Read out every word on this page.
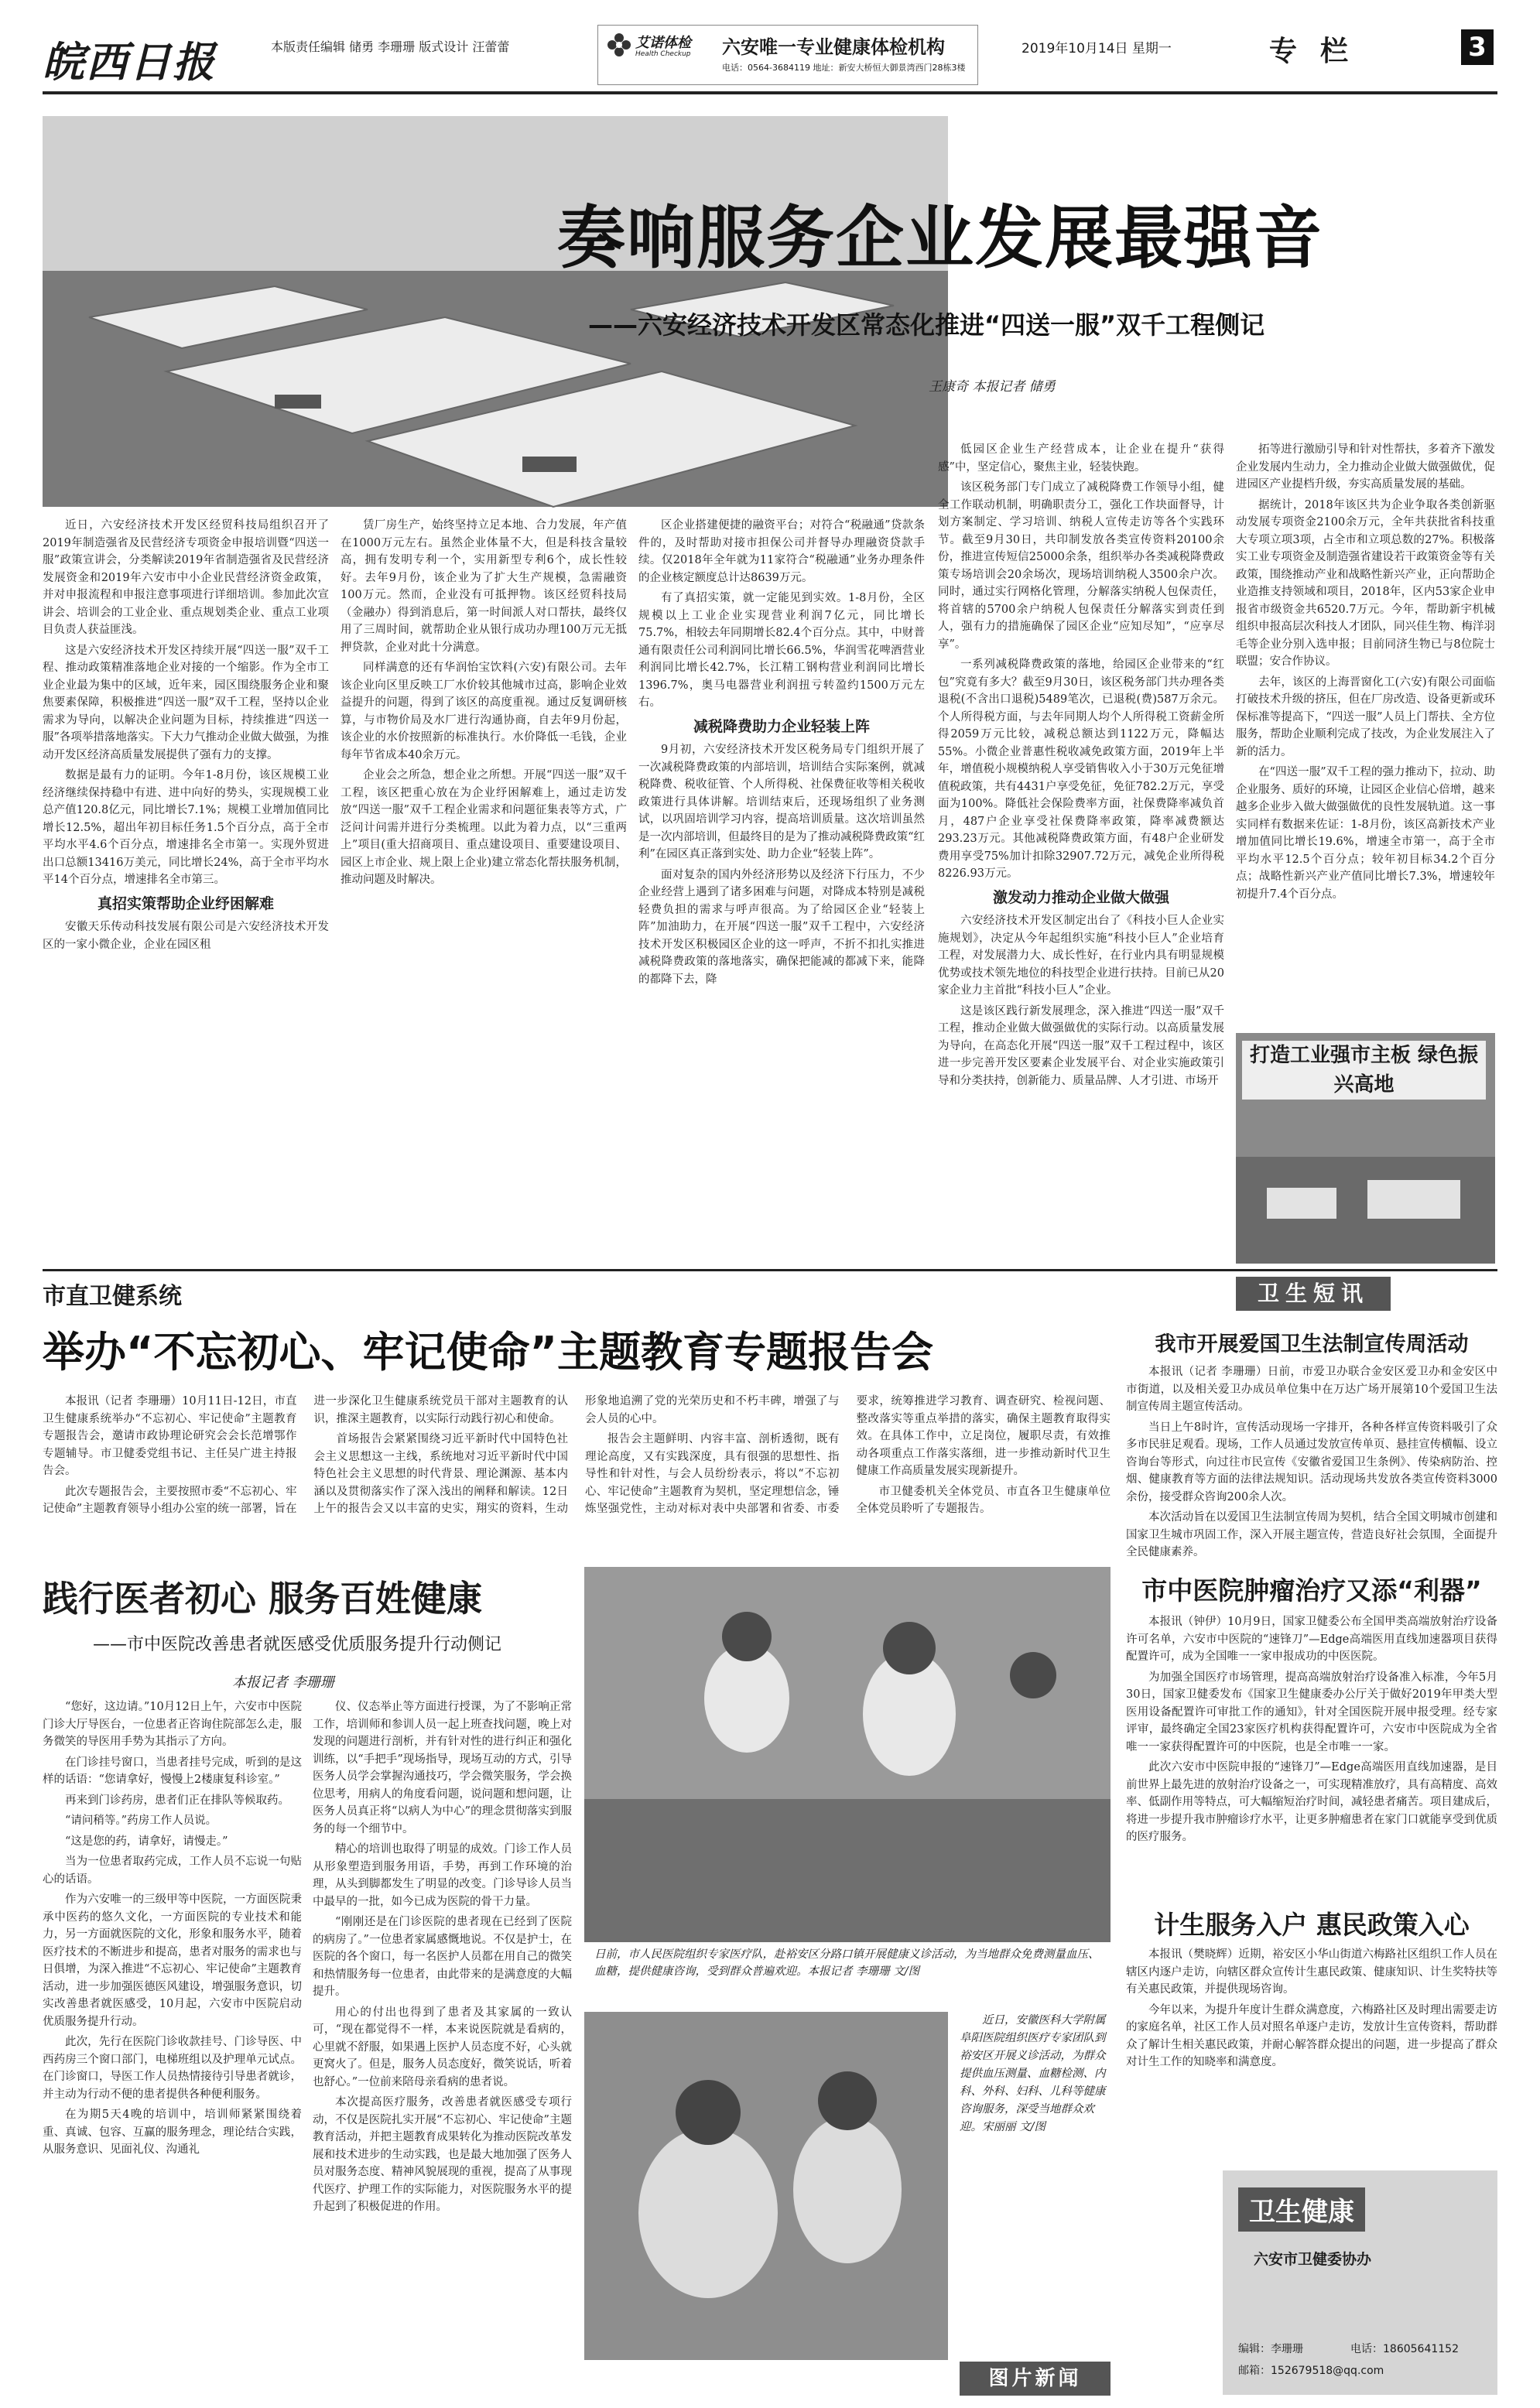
皖西日报	本版责任编辑 储勇 李珊珊 版式设计 汪蕾蕾	艾诺体检
Health Checkup 六安唯一专业健康体检机构
电话：0564-3684119 地址：新安大桥恒大御景湾西门28栋3楼
2019年10月14日 星期一	专栏	3
奏响服务企业发展最强音
——六安经济技术开发区常态化推进“四送一服”双千工程侧记
王康奇 本报记者 储勇

近日，六安经济技术开发区经贸科技局组织召开了2019年制造强省及民营经济专项资金申报培训暨“四送一服”政策宣讲会，分类解读2019年省制造强省及民营经济发展资金和2019年六安市中小企业民营经济资金政策，并对申报流程和申报注意事项进行详细培训。参加此次宣讲会、培训会的工业企业、重点规划类企业、重点工业项目负责人获益匪浅。

这是六安经济技术开发区持续开展“四送一服”双千工程、推动政策精准落地企业对接的一个缩影。作为全市工业企业最为集中的区域，近年来，园区围绕服务企业和聚焦要素保障，积极推进“四送一服”双千工程，坚持以企业需求为导向，以解决企业问题为目标，持续推进“四送一服”各项举措落地落实。下大力气推动企业做大做强，为推动开发区经济高质量发展提供了强有力的支撑。

数据是最有力的证明。今年1-8月份，该区规模工业经济继续保持稳中有进、进中向好的势头，实现规模工业总产值120.8亿元，同比增长7.1%；规模工业增加值同比增长12.5%，超出年初目标任务1.5个百分点，高于全市平均水平4.6个百分点，增速排名全市第一。实现外贸进出口总额13416万美元，同比增长24%，高于全市平均水平14个百分点，增速排名全市第三。

真招实策帮助企业纾困解难

安徽天乐传动科技发展有限公司是六安经济技术开发区的一家小微企业，企业在园区租

赁厂房生产，始终坚持立足本地、合力发展，年产值在1000万元左右。虽然企业体量不大，但是科技含量较高，拥有发明专利一个，实用新型专利6个，成长性较好。去年9月份，该企业为了扩大生产规模，急需融资100万元。然而，企业没有可抵押物。该区经贸科技局（金融办）得到消息后，第一时间派人对口帮扶，最终仅用了三周时间，就帮助企业从银行成功办理100万元无抵押贷款，企业对此十分满意。

同样满意的还有华润怡宝饮料(六安)有限公司。去年该企业向区里反映工厂水价较其他城市过高，影响企业效益提升的问题，得到了该区的高度重视。通过反复调研核算，与市物价局及水厂进行沟通协商，自去年9月份起，该企业的水价按照新的标准执行。水价降低一毛钱，企业每年节省成本40余万元。

企业会之所急，想企业之所想。开展“四送一服”双千工程，该区把重心放在为企业纾困解难上，通过走访发放“四送一服”双千工程企业需求和问题征集表等方式，广泛问计问需并进行分类梳理。以此为着力点，以“三重两上”项目(重大招商项目、重点建设项目、重要建设项目、园区上市企业、规上限上企业)建立常态化帮扶服务机制，推动问题及时解决。

区企业搭建便捷的融资平台；对符合“税融通”贷款条件的，及时帮助对接市担保公司并督导办理融资贷款手续。仅2018年全年就为11家符合“税融通”业务办理条件的企业核定额度总计达8639万元。

有了真招实策，就一定能见到实效。1-8月份，全区规模以上工业企业实现营业利润7亿元，同比增长75.7%，相较去年同期增长82.4个百分点。其中，中财普通有限责任公司利润同比增长66.5%，华润雪花啤酒营业利润同比增长42.7%，长江精工钢构营业利润同比增长1396.7%，奥马电器营业利润扭亏转盈约1500万元左右。

减税降费助力企业轻装上阵

9月初，六安经济技术开发区税务局专门组织开展了一次减税降费政策的内部培训，培训结合实际案例，就减税降费、税收征管、个人所得税、社保费征收等相关税收政策进行具体讲解。培训结束后，还现场组织了业务测试，以巩固培训学习内容，提高培训质量。这次培训虽然是一次内部培训，但最终目的是为了推动减税降费政策“红利”在园区真正落到实处、助力企业“轻装上阵”。

面对复杂的国内外经济形势以及经济下行压力，不少企业经营上遇到了诸多困难与问题，对降成本特别是减税轻费负担的需求与呼声很高。为了给园区企业“轻装上阵”加油助力，在开展“四送一服”双千工程中，六安经济技术开发区积极园区企业的这一呼声，不折不扣扎实推进减税降费政策的落地落实，确保把能减的都减下来，能降的都降下去，降

低园区企业生产经营成本，让企业在提升“获得感”中，坚定信心，聚焦主业，轻装快跑。

该区税务部门专门成立了减税降费工作领导小组，健全工作联动机制，明确职责分工，强化工作块面督导，计划方案制定、学习培训、纳税人宣传走访等各个实践环节。截至9月30日，共印制发放各类宣传资料20100余份，推进宣传短信25000余条，组织举办各类减税降费政策专场培训会20余场次，现场培训纳税人3500余户次。同时，通过实行网格化管理，分解落实纳税人包保责任，将首辖的5700余户纳税人包保责任分解落实到责任到人，强有力的措施确保了园区企业“应知尽知”，“应享尽享”。

一系列减税降费政策的落地，给园区企业带来的“红包”究竟有多大？截至9月30日，该区税务部门共办理各类退税(不含出口退税)5489笔次，已退税(费)587万余元。个人所得税方面，与去年同期人均个人所得税工资薪金所得2059万元比较，减税总额达到1122万元，降幅达55%。小微企业普惠性税收减免政策方面，2019年上半年，增值税小规模纳税人享受销售收入小于30万元免征增值税政策，共有4431户享受免征，免征782.2万元，享受面为100%。降低社会保险费率方面，社保费降率减负首月，487户企业享受社保费降率政策，降率减费额达293.23万元。其他减税降费政策方面，有48户企业研发费用享受75%加计扣除32907.72万元，减免企业所得税8226.93万元。

激发动力推动企业做大做强

六安经济技术开发区制定出台了《科技小巨人企业实施规划》，决定从今年起组织实施“科技小巨人”企业培育工程，对发展潜力大、成长性好，在行业内具有明显规模优势或技术领先地位的科技型企业进行扶持。目前已从20家企业力主首批“科技小巨人”企业。

这是该区践行新发展理念，深入推进“四送一服”双千工程，推动企业做大做强做优的实际行动。以高质量发展为导向，在高态化开展“四送一服”双千工程过程中，该区进一步完善开发区要素企业发展平台、对企业实施政策引导和分类扶持，创新能力、质量品牌、人才引进、市场开

拓等进行激励引导和针对性帮扶，多着齐下激发企业发展内生动力，全力推动企业做大做强做优，促进园区产业提档升级，夯实高质量发展的基础。

据统计，2018年该区共为企业争取各类创新驱动发展专项资金2100余万元，全年共获批省科技重大专项立项3项，占全市和立项总数的27%。积极落实工业专项资金及制造强省建设若干政策资金等有关政策，围绕推动产业和战略性新兴产业，正向帮助企业造推支持领域和项目，2018年，区内53家企业申报省市级资金共6520.7万元。今年，帮助新宇机械组织申报高层次科技人才团队，同兴佳生物、梅洋羽毛等企业分别入选申报；目前同济生物已与8位院士联盟；安合作协议。

去年，该区的上海晋窗化工(六安)有限公司面临打破技术升级的挤压，但在厂房改造、设备更新或环保标准等提高下，“四送一服”人员上门帮扶、全方位服务，帮助企业顺利完成了技改，为企业发展注入了新的活力。

在“四送一服”双千工程的强力推动下，拉动、助企业服务、质好的环境，让园区企业信心倍增，越来越多企业步入做大做强做优的良性发展轨道。这一事实同样有数据来佐证：1-8月份，该区高新技术产业增加值同比增长19.6%，增速全市第一，高于全市平均水平12.5个百分点；较年初目标34.2个百分点；战略性新兴产业产值同比增长7.3%，增速较年初提升7.4个百分点。

打造工业强市主板 绿色振兴高地
市直卫健系统
举办“不忘初心、牢记使命”主题教育专题报告会

本报讯（记者 李珊珊）10月11日-12日，市直卫生健康系统举办“不忘初心、牢记使命”主题教育专题报告会，邀请市政协理论研究会会长范增鄂作专题辅导。市卫健委党组书记、主任吴广进主持报告会。

此次专题报告会，主要按照市委“不忘初心、牢记使命”主题教育领导小组办公室的统一部署，旨在进一步深化卫生健康系统党员干部对主题教育的认识，推深主题教育，以实际行动践行初心和使命。

首场报告会紧紧围绕习近平新时代中国特色社会主义思想这一主线，系统地对习近平新时代中国特色社会主义思想的时代背景、理论渊源、基本内涵以及贯彻落实作了深入浅出的阐释和解读。12日上午的报告会又以丰富的史实，翔实的资料，生动形象地追溯了党的光荣历史和不朽丰碑，增强了与会人员的心中。

报告会主题鲜明、内容丰富、剖析透彻，既有理论高度，又有实践深度，具有很强的思想性、指导性和针对性，与会人员纷纷表示，将以“不忘初心、牢记使命”主题教育为契机，坚定理想信念，锤炼坚强党性，主动对标对表中央部署和省委、市委要求，统筹推进学习教育、调查研究、检视问题、整改落实等重点举措的落实，确保主题教育取得实效。在具体工作中，立足岗位，履职尽责，有效推动各项重点工作落实落细，进一步推动新时代卫生健康工作高质量发展实现新提升。

市卫健委机关全体党员、市直各卫生健康单位全体党员聆听了专题报告。

践行医者初心 服务百姓健康
——市中医院改善患者就医感受优质服务提升行动侧记
本报记者 李珊珊

“您好，这边请。”10月12日上午，六安市中医院门诊大厅导医台，一位患者正咨询住院部怎么走，服务微笑的导医用手势为其指示了方向。

在门诊挂号窗口，当患者挂号完成，听到的是这样的话语：“您请拿好，慢慢上2楼康复科诊室。”

再来到门诊药房，患者们正在排队等候取药。

“请问稍等。”药房工作人员说。

“这是您的药，请拿好，请慢走。”

当为一位患者取药完成，工作人员不忘说一句贴心的话语。

作为六安唯一的三级甲等中医院，一方面医院秉承中医药的悠久文化，一方面医院的专业技术和能力，另一方面就医院的文化，形象和服务水平，随着医疗技术的不断进步和提高，患者对服务的需求也与日俱增，为深入推进“不忘初心、牢记使命”主题教育活动，进一步加强医德医风建设，增强服务意识，切实改善患者就医感受，10月起，六安市中医院启动优质服务提升行动。

此次，先行在医院门诊收款挂号、门诊导医、中西药房三个窗口部门，电梯班组以及护理单元试点。在门诊窗口，导医工作人员热情接待引导患者就诊，并主动为行动不便的患者提供各种便利服务。

在为期5天4晚的培训中，培训师紧紧围绕着重、真诚、包容、互赢的服务理念，理论结合实践，从服务意识、见面礼仪、沟通礼

仪、仪态举止等方面进行授课，为了不影响正常工作，培训师和参训人员一起上班查找问题，晚上对发现的问题进行剖析，并有针对性的进行纠正和强化训练，以“手把手”现场指导，现场互动的方式，引导医务人员学会掌握沟通技巧，学会微笑服务，学会换位思考，用病人的角度看问题，说问题和想问题，让医务人员真正将“以病人为中心”的理念贯彻落实到服务的每一个细节中。

精心的培训也取得了明显的成效。门诊工作人员从形象塑造到服务用语，手势，再到工作环境的治理，从头到脚都发生了明显的改变。门诊导诊人员当中最早的一批，如今已成为医院的骨干力量。

“刚刚还是在门诊医院的患者现在已经到了医院的病房了。”一位患者家属感慨地说。不仅是护士，在医院的各个窗口，每一名医护人员都在用自己的微笑和热情服务每一位患者，由此带来的是满意度的大幅提升。

用心的付出也得到了患者及其家属的一致认可，“现在都觉得不一样，本来说医院就是看病的，心里就不舒服，如果遇上医护人员态度不好，心头就更窝火了。但是，服务人员态度好，微笑说话，听着也舒心。”一位前来陪母亲看病的患者说。

本次提高医疗服务，改善患者就医感受专项行动，不仅是医院扎实开展“不忘初心、牢记使命”主题教育活动，并把主题教育成果转化为推动医院改革发展和技术进步的生动实践，也是最大地加强了医务人员对服务态度、精神风貌展现的重视，提高了从事现代医疗、护理工作的实际能力，对医院服务水平的提升起到了积极促进的作用。

日前，市人民医院组织专家医疗队，赴裕安区分路口镇开展健康义诊活动，为当地群众免费测量血压、血糖，提供健康咨询，受到群众普遍欢迎。本报记者 李珊珊 文/图
近日，安徽医科大学附属阜阳医院组织医疗专家团队到裕安区开展义诊活动，为群众提供血压测量、血糖检测、内科、外科、妇科、儿科等健康咨询服务，深受当地群众欢迎。宋丽丽 文/图
图片新闻
卫生短讯
我市开展爱国卫生法制宣传周活动

本报讯（记者 李珊珊）日前，市爱卫办联合金安区爱卫办和金安区中市街道，以及相关爱卫办成员单位集中在万达广场开展第10个爱国卫生法制宣传周主题宣传活动。

当日上午8时许，宣传活动现场一字排开，各种各样宣传资料吸引了众多市民驻足观看。现场，工作人员通过发放宣传单页、悬挂宣传横幅、设立咨询台等形式，向过往市民宣传《安徽省爱国卫生条例》、传染病防治、控烟、健康教育等方面的法律法规知识。活动现场共发放各类宣传资料3000余份，接受群众咨询200余人次。

本次活动旨在以爱国卫生法制宣传周为契机，结合全国文明城市创建和国家卫生城市巩固工作，深入开展主题宣传，营造良好社会氛围，全面提升全民健康素养。

市中医院肿瘤治疗又添“利器”

本报讯（钟伊）10月9日，国家卫健委公布全国甲类高端放射治疗设备许可名单，六安市中医院的“速锋刀”—Edge高端医用直线加速器项目获得配置许可，成为全国唯一一家申报成功的中医医院。

为加强全国医疗市场管理，提高高端放射治疗设备准入标准，今年5月30日，国家卫健委发布《国家卫生健康委办公厅关于做好2019年甲类大型医用设备配置许可审批工作的通知》，针对全国医院开展申报受理。经专家评审，最终确定全国23家医疗机构获得配置许可，六安市中医院成为全省唯一一家获得配置许可的中医院，也是全市唯一一家。

此次六安市中医院申报的“速锋刀”—Edge高端医用直线加速器，是目前世界上最先进的放射治疗设备之一，可实现精准放疗，具有高精度、高效率、低副作用等特点，可大幅缩短治疗时间，减轻患者痛苦。项目建成后，将进一步提升我市肿瘤诊疗水平，让更多肿瘤患者在家门口就能享受到优质的医疗服务。

计生服务入户 惠民政策入心

本报讯（樊晓辉）近期，裕安区小华山街道六梅路社区组织工作人员在辖区内逐户走访，向辖区群众宣传计生惠民政策、健康知识、计生奖特扶等有关惠民政策，并提供现场咨询。

今年以来，为提升年度计生群众满意度，六梅路社区及时理出需要走访的家庭名单，社区工作人员对照名单逐户走访，发放计生宣传资料，帮助群众了解计生相关惠民政策，并耐心解答群众提出的问题，进一步提高了群众对计生工作的知晓率和满意度。

卫生健康
六安市卫健委协办
编辑：李珊珊	电话：18605641152
邮箱：152679518@qq.com
